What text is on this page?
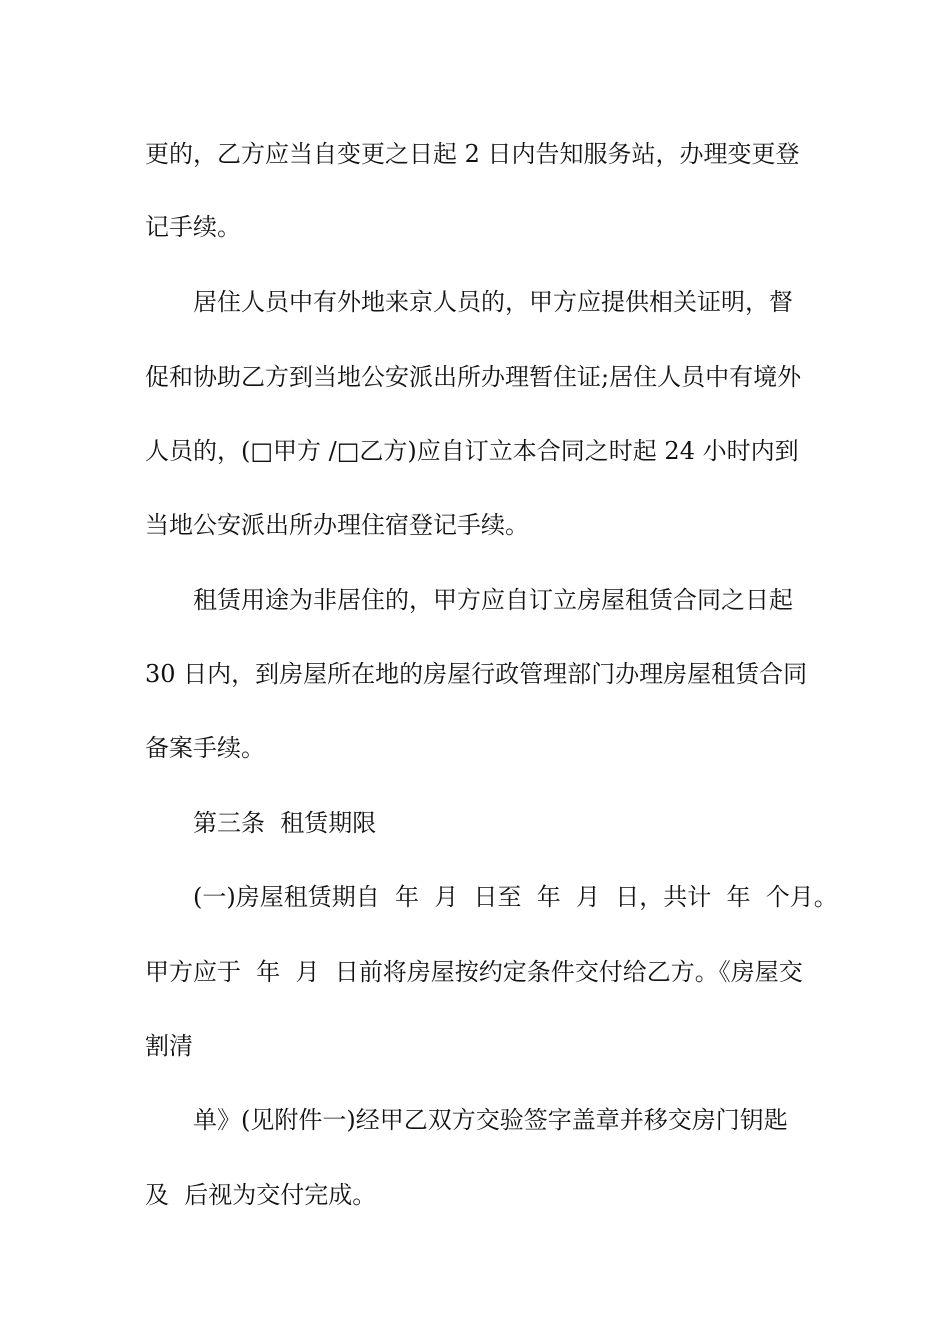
更的，乙方应当自变更之日起 2 日内告知服务站，办理变更登
记手续。
居住人员中有外地来京人员的，甲方应提供相关证明，督
促和协助乙方到当地公安派出所办理暂住证;居住人员中有境外
人员的，(□甲方 /□乙方)应自订立本合同之时起 24 小时内到
当地公安派出所办理住宿登记手续。
租赁用途为非居住的，甲方应自订立房屋租赁合同之日起
30 日内，到房屋所在地的房屋行政管理部门办理房屋租赁合同
备案手续。
第三条  租赁期限
(一)房屋租赁期自  年  月  日至  年  月  日，共计  年  个月。
甲方应于  年  月  日前将房屋按约定条件交付给乙方。《房屋交
割清
单》(见附件一)经甲乙双方交验签字盖章并移交房门钥匙
及  后视为交付完成。
